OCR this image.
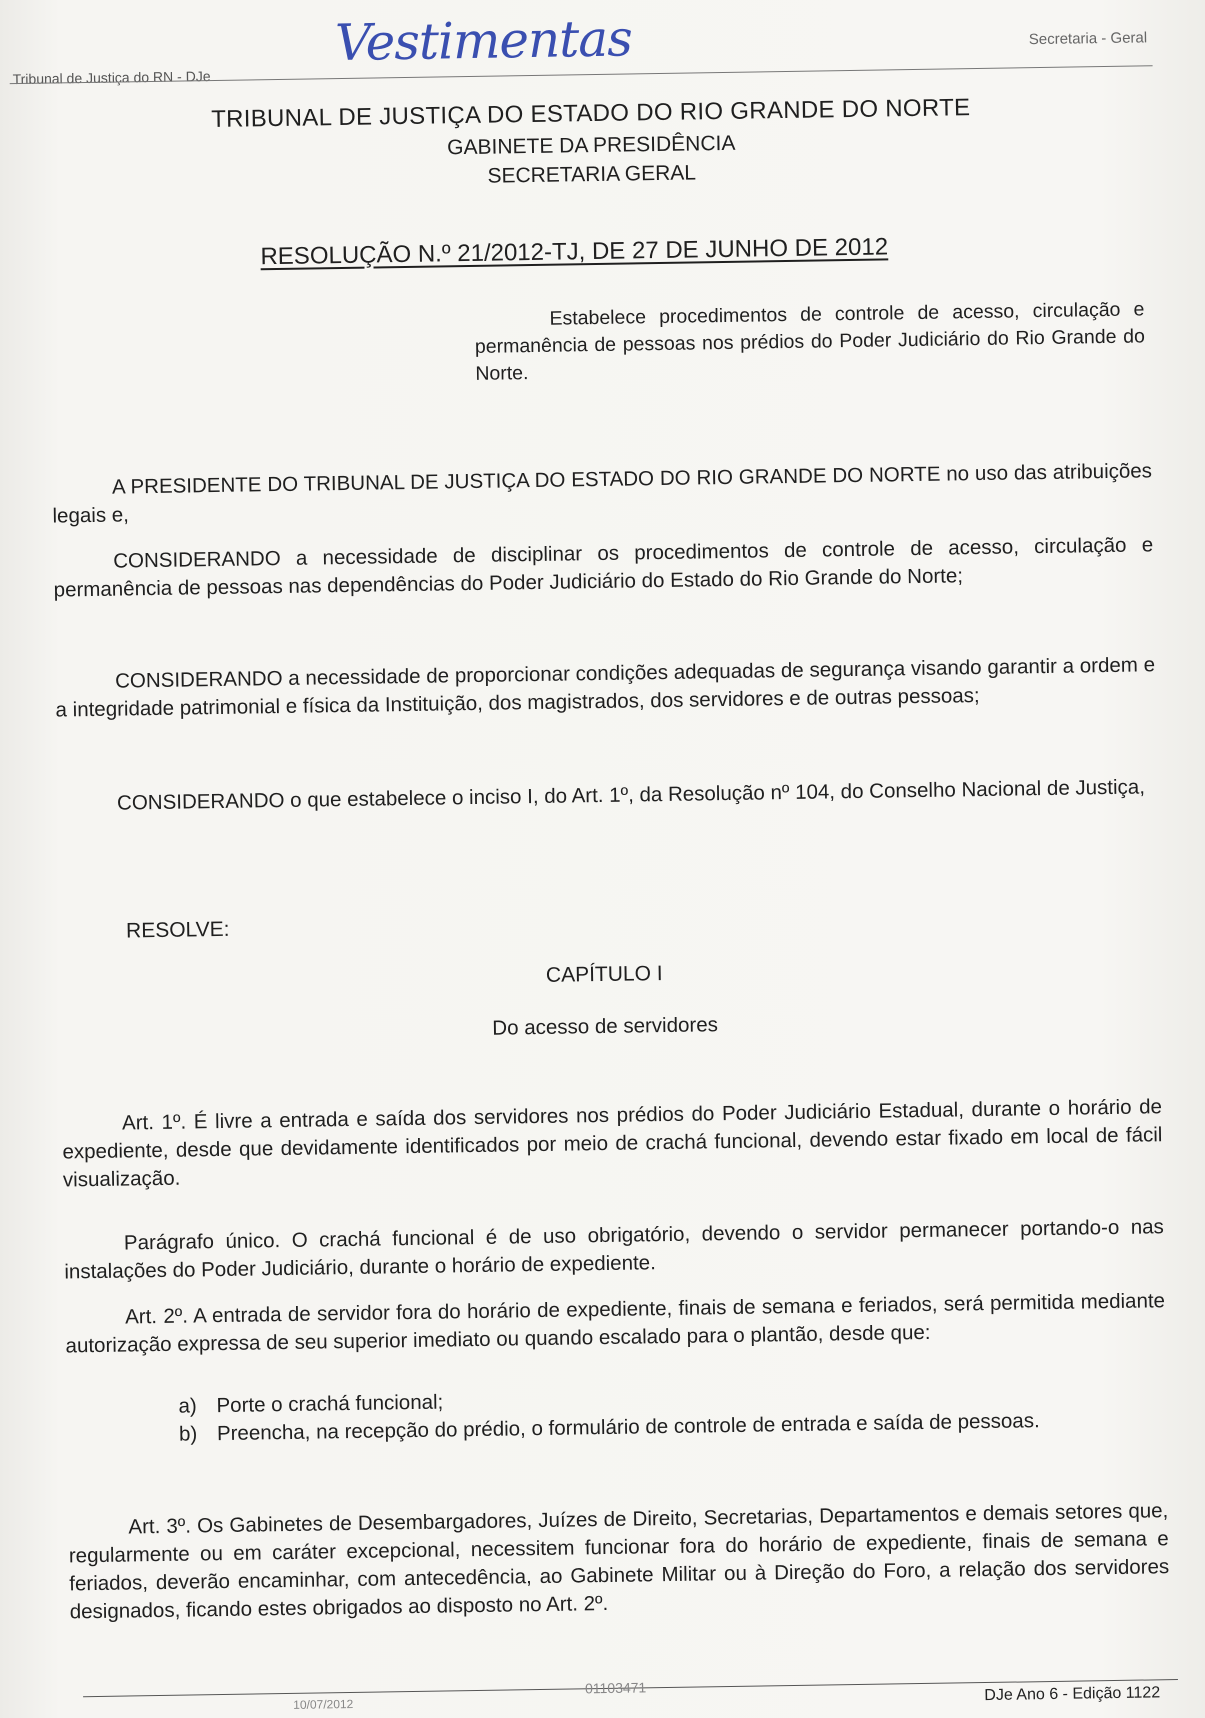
Tribunal de Justiça do RN - DJe
Vestimentas	Secretaria - Geral
TRIBUNAL DE JUSTIÇA DO ESTADO DO RIO GRANDE DO NORTE
GABINETE DA PRESIDÊNCIA
SECRETARIA GERAL
RESOLUÇÃO N.º 21/2012-TJ, DE 27 DE JUNHO DE 2012
Estabelece procedimentos de controle de acesso, circulação e permanência de pessoas nos prédios do Poder Judiciário do Rio Grande do Norte.
A PRESIDENTE DO TRIBUNAL DE JUSTIÇA DO ESTADO DO RIO GRANDE DO NORTE no uso das atribuições legais e,
CONSIDERANDO a necessidade de disciplinar os procedimentos de controle de acesso, circulação e permanência de pessoas nas dependências do Poder Judiciário do Estado do Rio Grande do Norte;
CONSIDERANDO a necessidade de proporcionar condições adequadas de segurança visando garantir a ordem e a integridade patrimonial e física da Instituição, dos magistrados, dos servidores e de outras pessoas;
CONSIDERANDO o que estabelece o inciso I, do Art. 1º, da Resolução nº 104, do Conselho Nacional de Justiça,
RESOLVE:
CAPÍTULO I
Do acesso de servidores
Art. 1º. É livre a entrada e saída dos servidores nos prédios do Poder Judiciário Estadual, durante o horário de expediente, desde que devidamente identificados por meio de crachá funcional, devendo estar fixado em local de fácil visualização.
Parágrafo único. O crachá funcional é de uso obrigatório, devendo o servidor permanecer portando-o nas instalações do Poder Judiciário, durante o horário de expediente.
Art. 2º. A entrada de servidor fora do horário de expediente, finais de semana e feriados, será permitida mediante autorização expressa de seu superior imediato ou quando escalado para o plantão, desde que:
a) Porte o crachá funcional;
b) Preencha, na recepção do prédio, o formulário de controle de entrada e saída de pessoas.
Art. 3º. Os Gabinetes de Desembargadores, Juízes de Direito, Secretarias, Departamentos e demais setores que, regularmente ou em caráter excepcional, necessitem funcionar fora do horário de expediente, finais de semana e feriados, deverão encaminhar, com antecedência, ao Gabinete Militar ou à Direção do Foro, a relação dos servidores designados, ficando estes obrigados ao disposto no Art. 2º.
10/07/2012
01103471	DJe Ano 6 - Edição 1122
